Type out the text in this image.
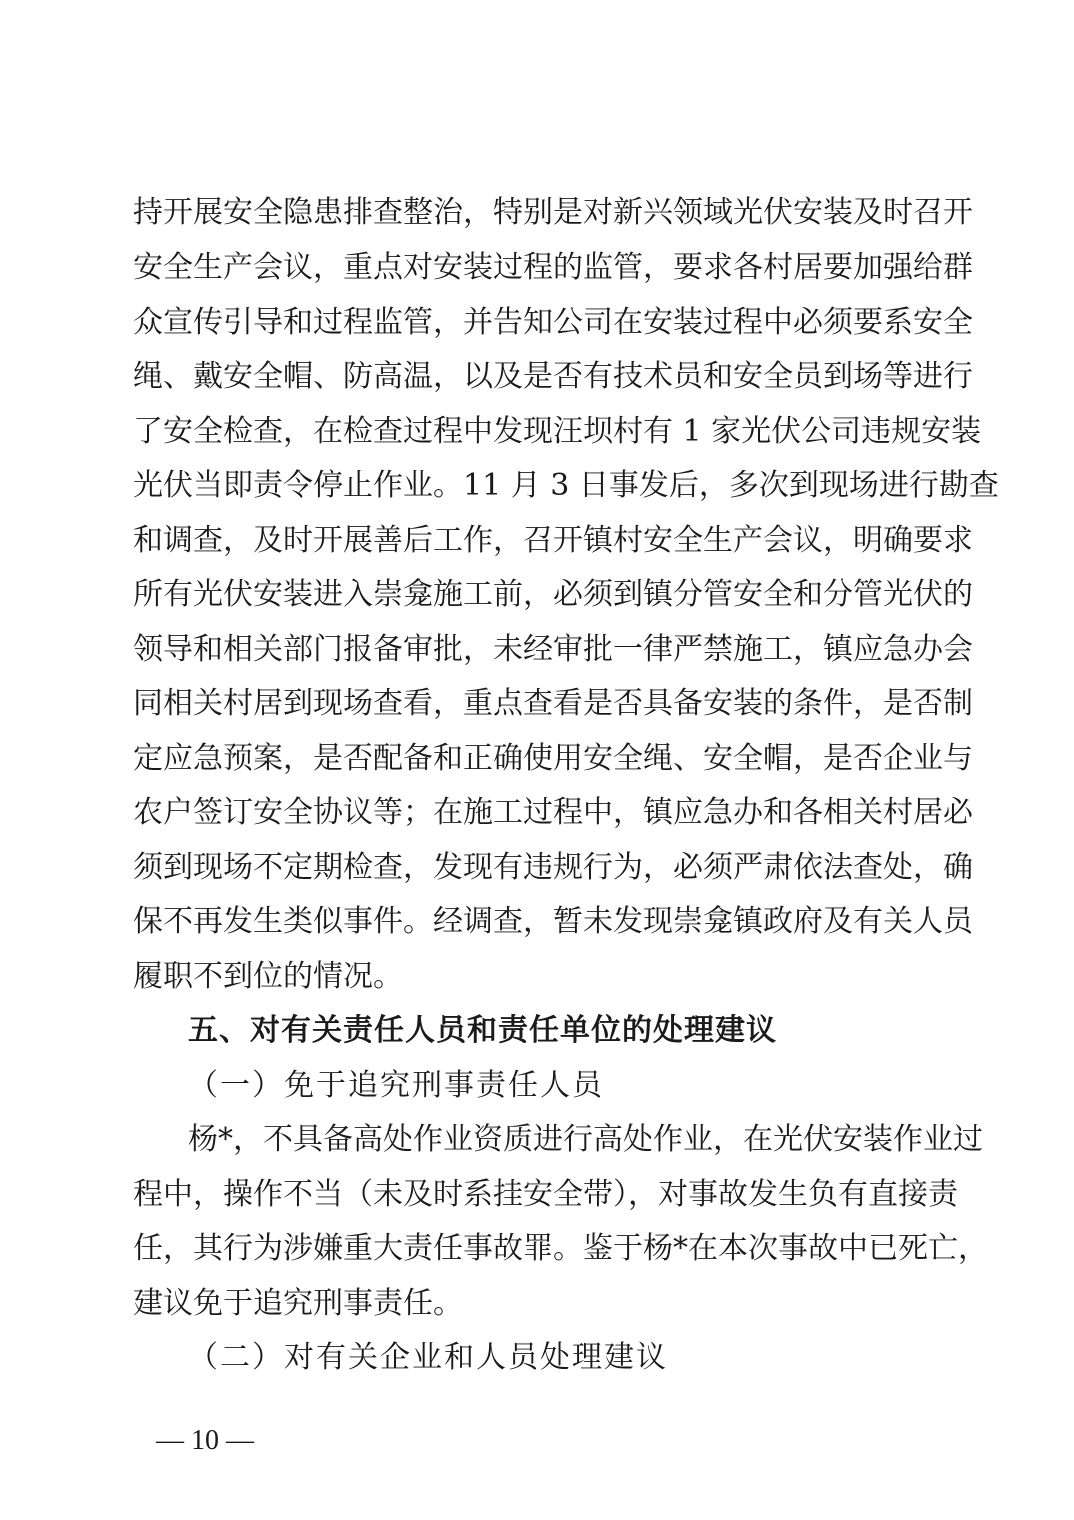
持开展安全隐患排查整治，特别是对新兴领域光伏安装及时召开
安全生产会议，重点对安装过程的监管，要求各村居要加强给群
众宣传引导和过程监管，并告知公司在安装过程中必须要系安全
绳、戴安全帽、防高温，以及是否有技术员和安全员到场等进行
了安全检查，在检查过程中发现汪坝村有 1 家光伏公司违规安装
光伏当即责令停止作业。11 月 3 日事发后，多次到现场进行勘查
和调查，及时开展善后工作，召开镇村安全生产会议，明确要求
所有光伏安装进入崇龛施工前，必须到镇分管安全和分管光伏的
领导和相关部门报备审批，未经审批一律严禁施工，镇应急办会
同相关村居到现场查看，重点查看是否具备安装的条件，是否制
定应急预案，是否配备和正确使用安全绳、安全帽，是否企业与
农户签订安全协议等；在施工过程中，镇应急办和各相关村居必
须到现场不定期检查，发现有违规行为，必须严肃依法查处，确
保不再发生类似事件。经调查，暂未发现崇龛镇政府及有关人员
履职不到位的情况。
五、对有关责任人员和责任单位的处理建议
（一）免于追究刑事责任人员
杨*，不具备高处作业资质进行高处作业，在光伏安装作业过
程中，操作不当（未及时系挂安全带），对事故发生负有直接责
任，其行为涉嫌重大责任事故罪。鉴于杨*在本次事故中已死亡，
建议免于追究刑事责任。
（二）对有关企业和人员处理建议
— 10 —
